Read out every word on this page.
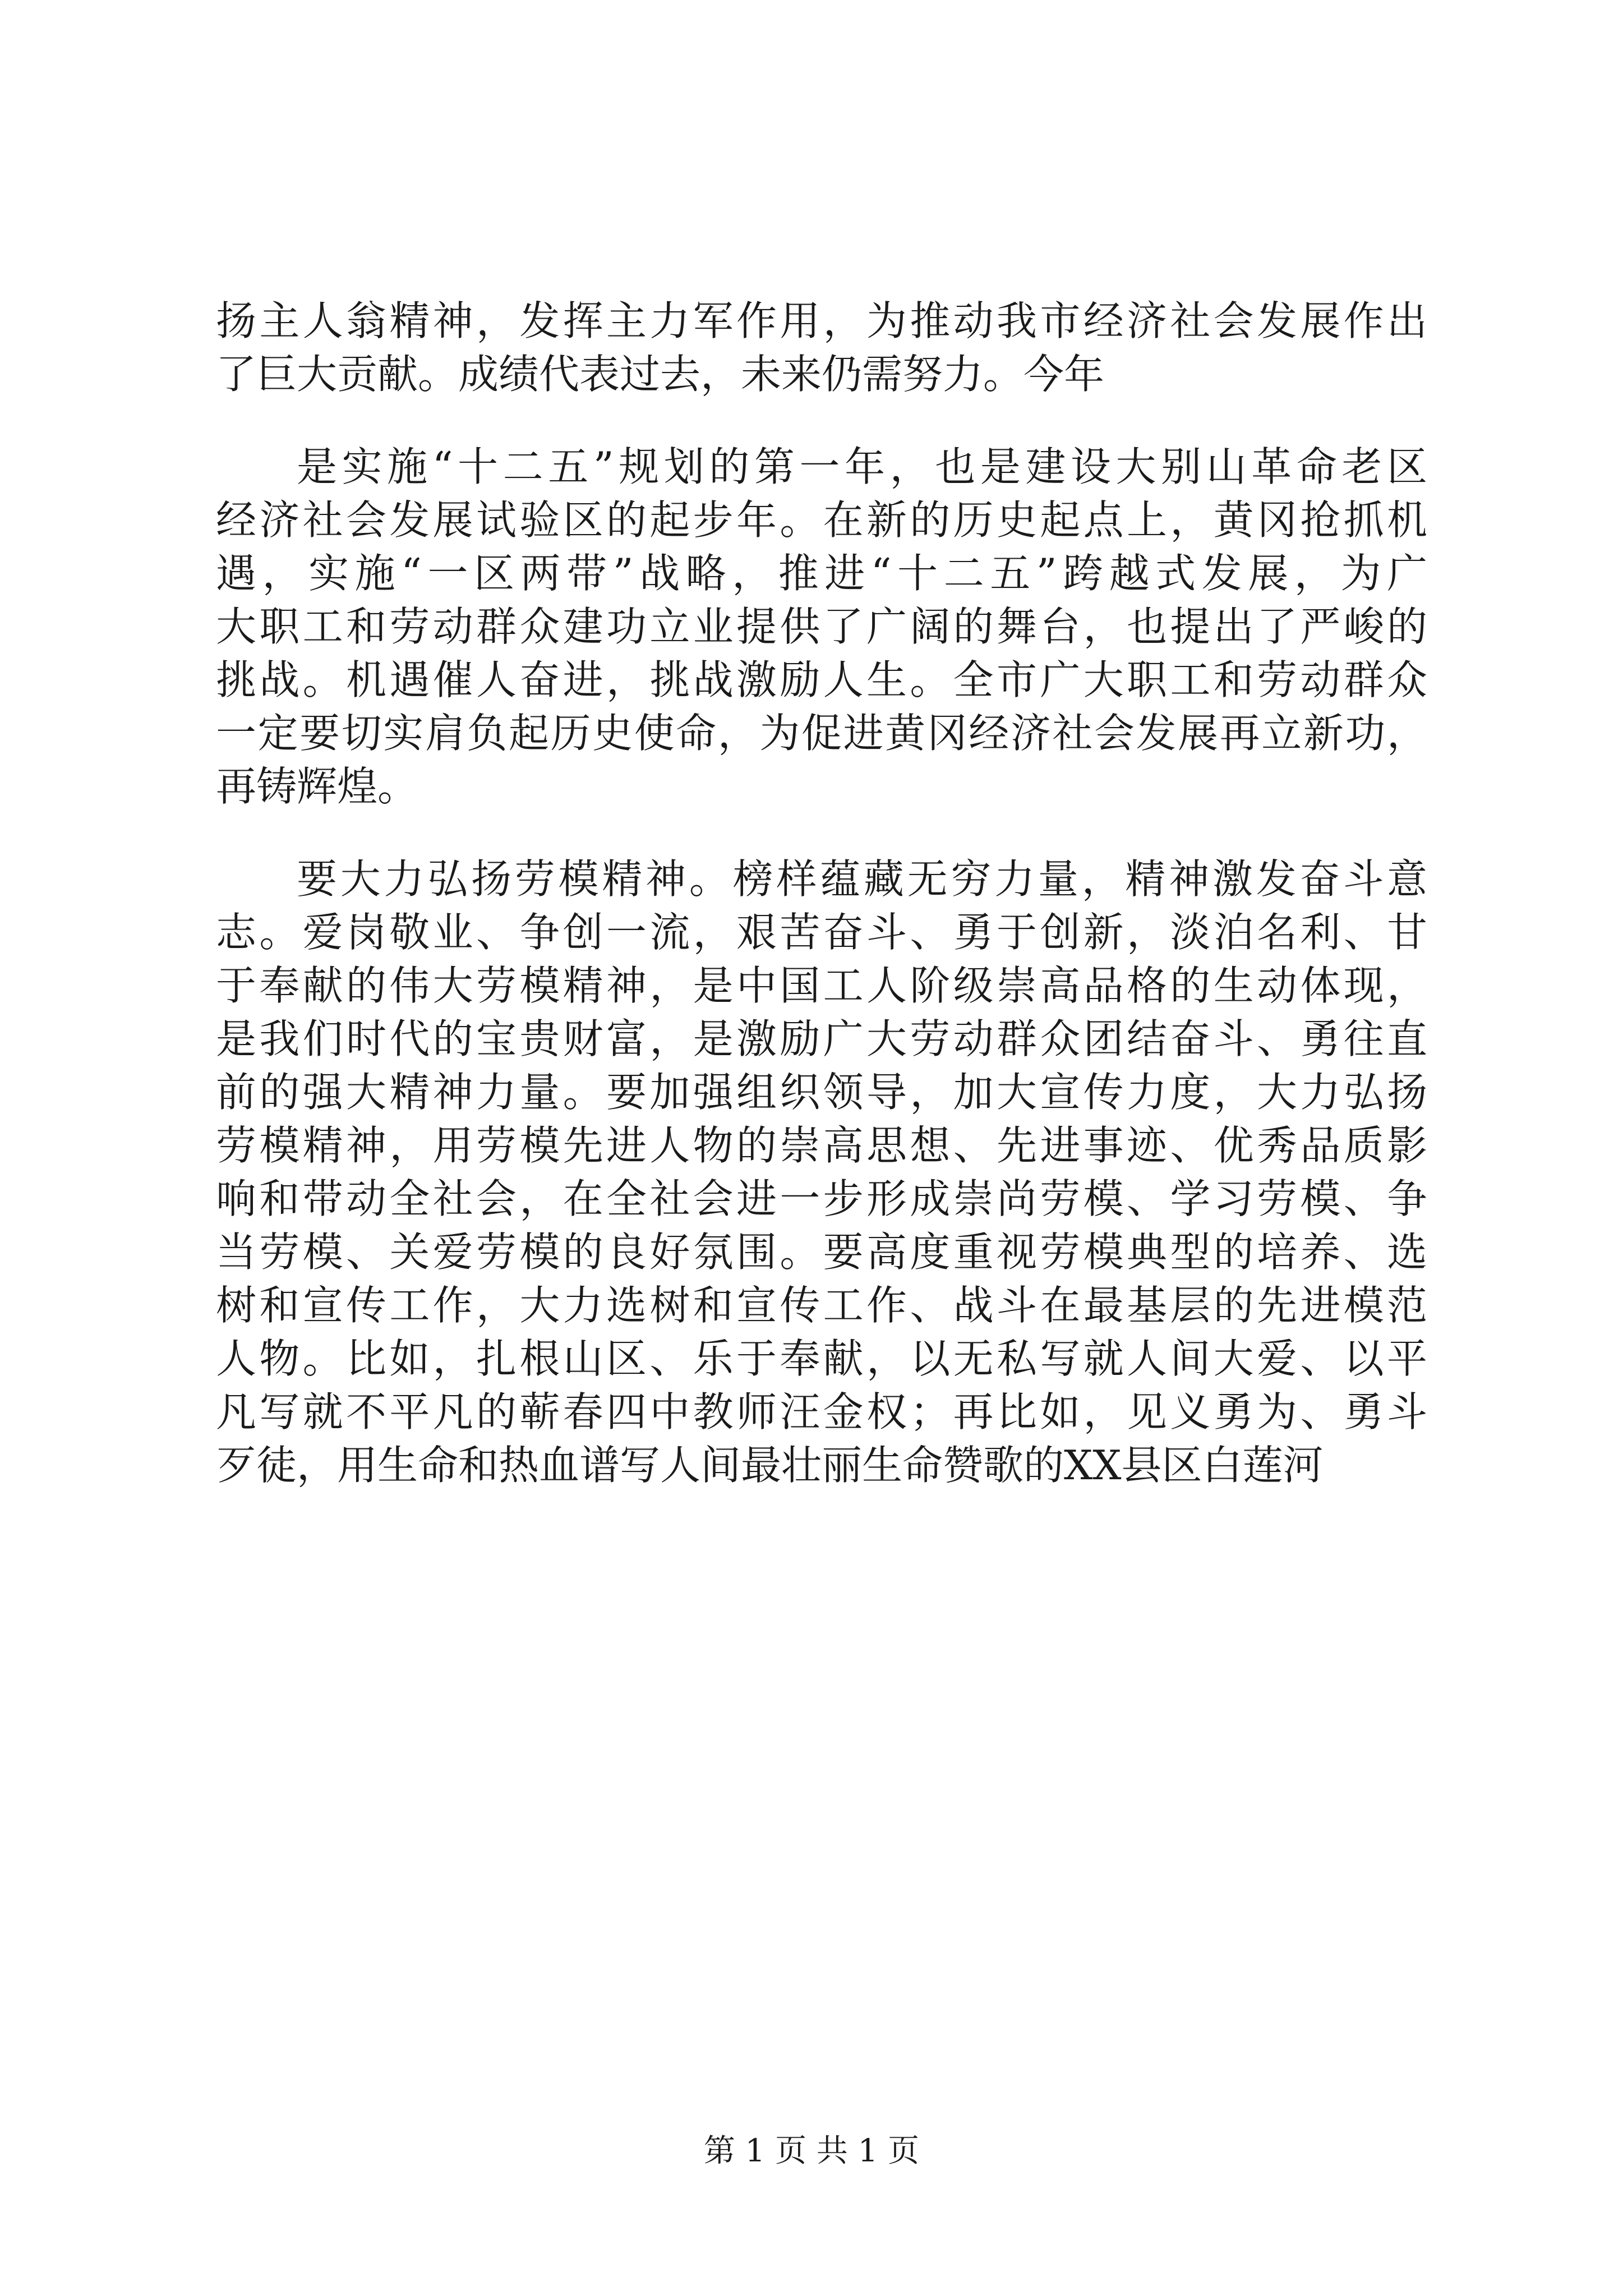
扬主人翁精神，发挥主力军作用，为推动我市经济社会发展作出
了巨大贡献。成绩代表过去，未来仍需努力。今年
是实施“十二五”规划的第一年，也是建设大别山革命老区
经济社会发展试验区的起步年。在新的历史起点上，黄冈抢抓机
遇，实施“一区两带”战略，推进“十二五”跨越式发展，为广
大职工和劳动群众建功立业提供了广阔的舞台，也提出了严峻的
挑战。机遇催人奋进，挑战激励人生。全市广大职工和劳动群众
一定要切实肩负起历史使命，为促进黄冈经济社会发展再立新功，
再铸辉煌。
要大力弘扬劳模精神。榜样蕴藏无穷力量，精神激发奋斗意
志。爱岗敬业、争创一流，艰苦奋斗、勇于创新，淡泊名利、甘
于奉献的伟大劳模精神，是中国工人阶级崇高品格的生动体现，
是我们时代的宝贵财富，是激励广大劳动群众团结奋斗、勇往直
前的强大精神力量。要加强组织领导，加大宣传力度，大力弘扬
劳模精神，用劳模先进人物的崇高思想、先进事迹、优秀品质影
响和带动全社会，在全社会进一步形成崇尚劳模、学习劳模、争
当劳模、关爱劳模的良好氛围。要高度重视劳模典型的培养、选
树和宣传工作，大力选树和宣传工作、战斗在最基层的先进模范
人物。比如，扎根山区、乐于奉献，以无私写就人间大爱、以平
凡写就不平凡的蕲春四中教师汪金权；再比如，见义勇为、勇斗
歹徒，用生命和热血谱写人间最壮丽生命赞歌的XX县区白莲河
第 1 页 共 1 页
